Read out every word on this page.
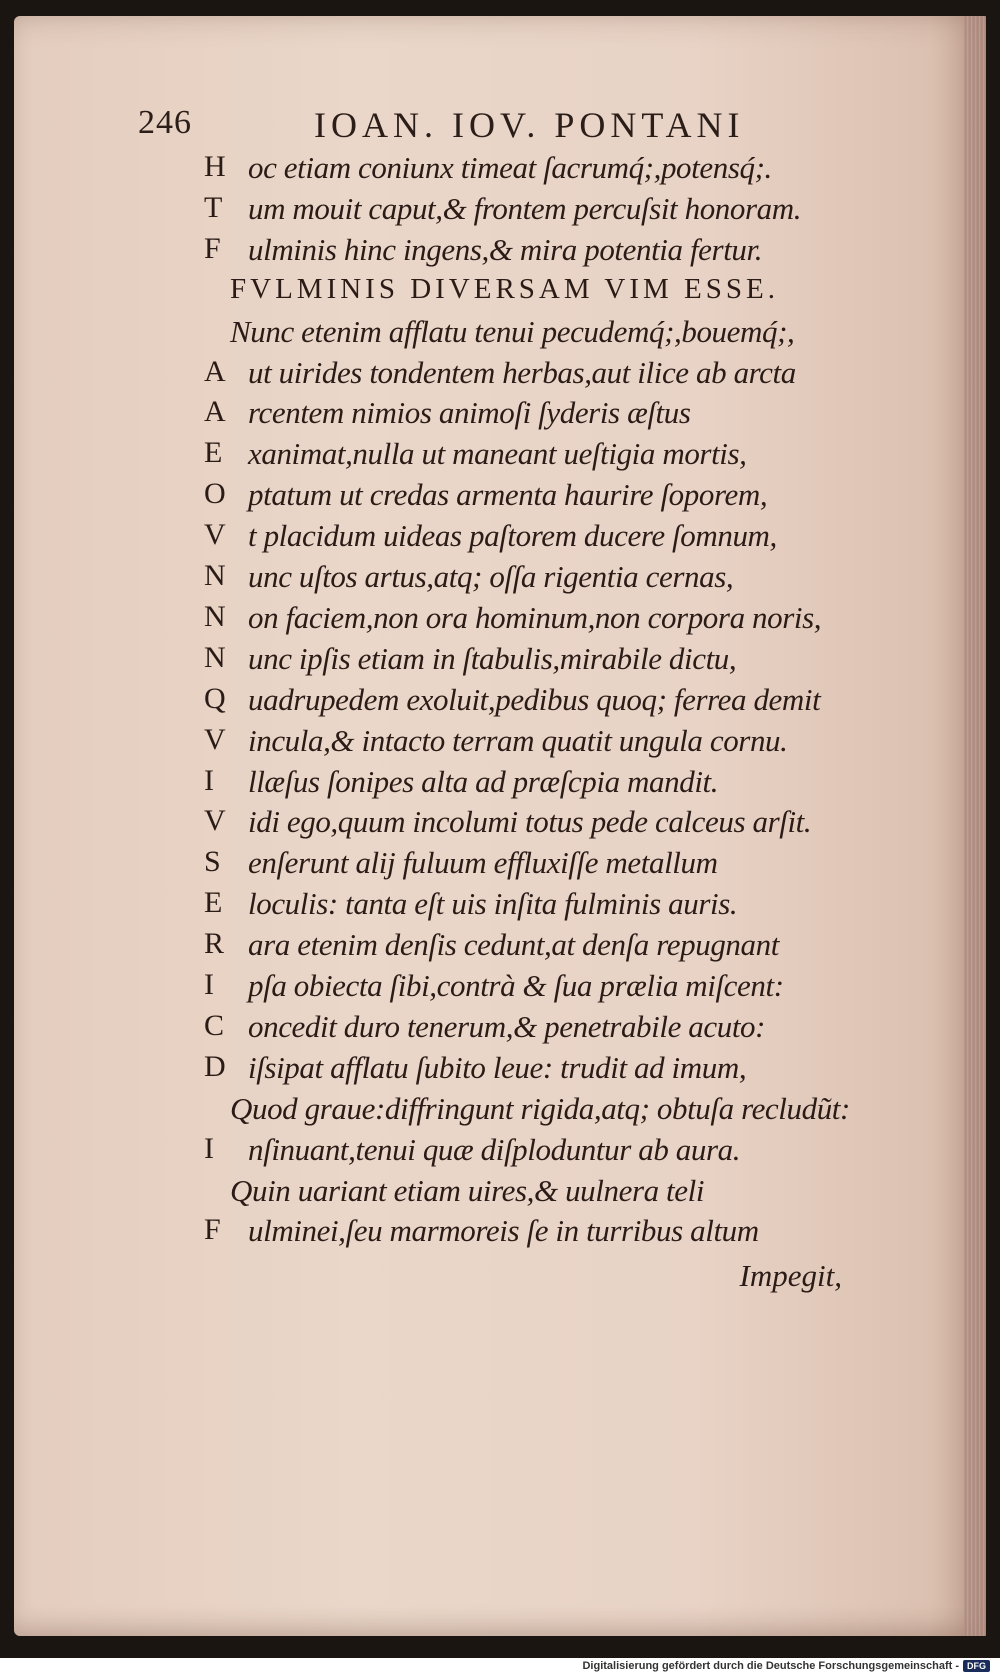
246	IOAN. IOV. PONTANI
H oc etiam coniunx timeat ſacrumq́;,potensq́;.
T um mouit caput,& frontem percuſsit honoram.
F ulminis hinc ingens,& mira potentia fertur.
FVLMINIS DIVERSAM VIM ESSE.
Nunc etenim afflatu tenui pecudemq́;,bouemq́;,
A ut uirides tondentem herbas,aut ilice ab arcta
A rcentem nimios animoſi ſyderis æſtus
E xanimat,nulla ut maneant ueſtigia mortis,
O ptatum ut credas armenta haurire ſoporem,
V t placidum uideas paſtorem ducere ſomnum,
N unc uſtos artus,atq; oſſa rigentia cernas,
N on faciem,non ora hominum,non corpora noris,
N unc ipſis etiam in ſtabulis,mirabile dictu,
Q uadrupedem exoluit,pedibus quoq; ferrea demit
V incula,& intacto terram quatit ungula cornu.
I llæſus ſonipes alta ad præſcpia mandit.
V idi ego,quum incolumi totus pede calceus arſit.
S enſerunt alij fuluum effluxiſſe metallum
E loculis: tanta eſt uis inſita fulminis auris.
R ara etenim denſis cedunt,at denſa repugnant
I pſa obiecta ſibi,contrà & ſua prælia miſcent:
C oncedit duro tenerum,& penetrabile acuto:
D iſsipat afflatu ſubito leue: trudit ad imum,
Quod graue:diffringunt rigida,atq; obtuſa recludũt:
I nſinuant,tenui quæ diſploduntur ab aura.
Quin uariant etiam uires,& uulnera teli
F ulminei,ſeu marmoreis ſe in turribus altum
Impegit,
Digitalisierung gefördert durch die Deutsche Forschungsgemeinschaft - DFG
